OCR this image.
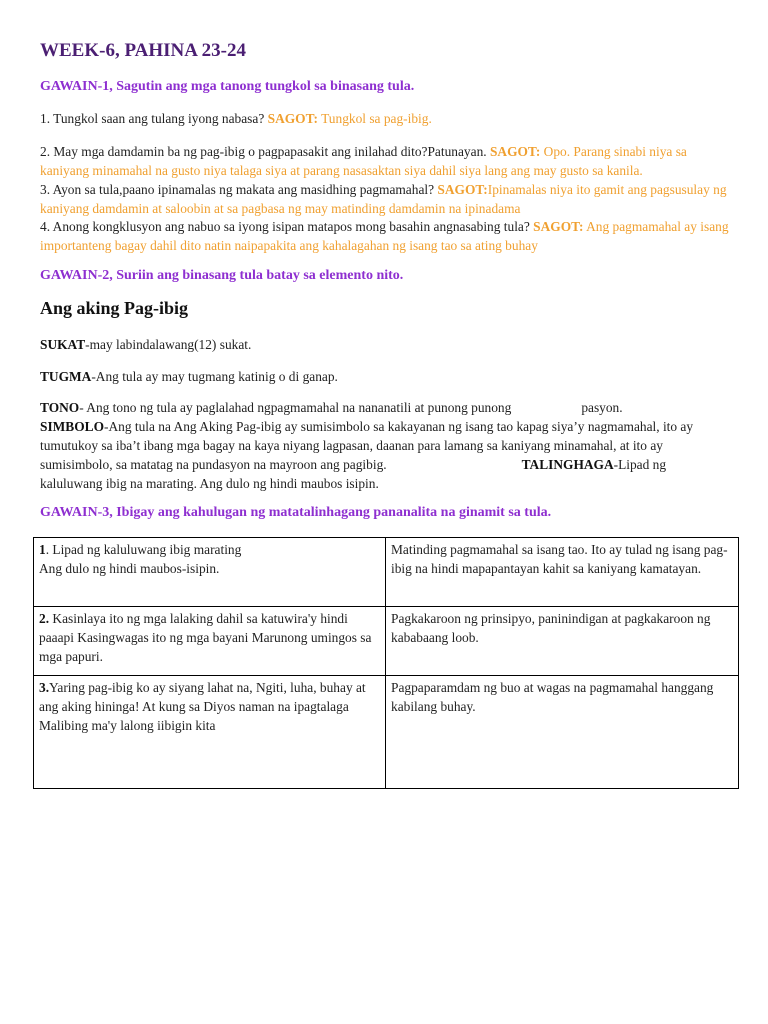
WEEK-6, PAHINA 23-24

GAWAIN-1, Sagutin ang mga tanong tungkol sa binasang tula.

1. Tungkol saan ang tulang iyong nabasa? SAGOT: Tungkol sa pag-ibig.

2. May mga damdamin ba ng pag-ibig o pagpapasakit ang inilahad dito?Patunayan. SAGOT: Opo. Parang sinabi niya sa kaniyang minamahal na gusto niya talaga siya at parang nasasaktan siya dahil siya lang ang may gusto sa kanila.

3. Ayon sa tula,paano ipinamalas ng makata ang masidhing pagmamahal? SAGOT:Ipinamalas niya ito gamit ang pagsusulay ng kaniyang damdamin at saloobin at sa pagbasa ng may matinding damdamin na ipinadama

4. Anong kongklusyon ang nabuo sa iyong isipan matapos mong basahin angnasabing tula? SAGOT: Ang pagmamahal ay isang importanteng bagay dahil dito natin naipapakita ang kahalagahan ng isang tao sa ating buhay

GAWAIN-2, Suriin ang binasang tula batay sa elemento nito.

Ang aking Pag-ibig

SUKAT-may labindalawang(12) sukat.

TUGMA-Ang tula ay may tugmang katinig o di ganap.

TONO- Ang tono ng tula ay paglalahad ngpagmamahal na nananatili at punong punong	pasyon.

SIMBOLO-Ang tula na Ang Aking Pag-ibig ay sumisimbolo sa kakayanan ng isang tao kapag siya’y nagmamahal, ito ay tumutukoy sa iba’t ibang mga bagay na kaya niyang lagpasan, daanan para lamang sa kaniyang minamahal, at ito ay sumisimbolo, sa matatag na pundasyon na mayroon ang pagibig.	TALINGHAGA-Lipad ng kaluluwang ibig na marating. Ang dulo ng hindi maubos isipin.

GAWAIN-3, Ibigay ang kahulugan ng matatalinhagang pananalita na ginamit sa tula.

1. Lipad ng kaluluwang ibig marating
Ang dulo ng hindi maubos-isipin.	Matinding pagmamahal sa isang tao. Ito ay tulad ng isang pag-ibig na hindi mapapantayan kahit sa kaniyang kamatayan.
2. Kasinlaya ito ng mga lalaking dahil sa katuwira'y hindi paaapi Kasingwagas ito ng mga bayani Marunong umingos sa mga papuri.	Pagkakaroon ng prinsipyo, paninindigan at pagkakaroon ng kababaang loob.
3.Yaring pag-ibig ko ay siyang lahat na, Ngiti, luha, buhay at ang aking hininga! At kung sa Diyos naman na ipagtalaga
Malibing ma'y lalong iibigin kita	Pagpaparamdam ng buo at wagas na pagmamahal hanggang kabilang buhay.
